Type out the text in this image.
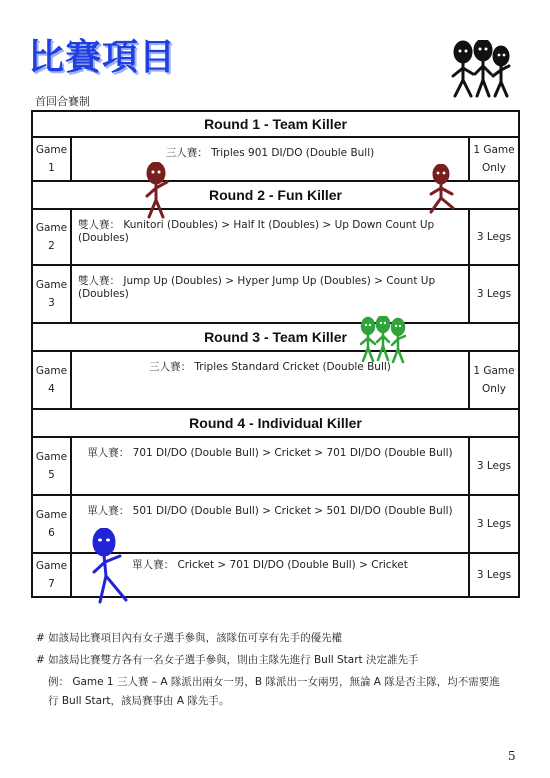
比賽項目
首回合賽制
Round 1 - Team Killer		
Game
1	三人賽： Triples 901 DI/DO (Double Bull)	1 Game
Only
Round 2 - Fun Killer		
Game
2	雙人賽： Kunitori (Doubles) > Half It (Doubles) > Up Down Count Up (Doubles)	3 Legs
Game
3	雙人賽： Jump Up (Doubles) > Hyper Jump Up (Doubles) > Count Up (Doubles)	3 Legs
Round 3 - Team Killer		
Game
4	三人賽： Triples Standard Cricket (Double Bull)	1 Game
Only
Round 4 - Individual Killer		
Game
5	單人賽： 701 DI/DO (Double Bull) > Cricket > 701 DI/DO (Double Bull)	3 Legs
Game
6	單人賽： 501 DI/DO (Double Bull) > Cricket > 501 DI/DO (Double Bull)	3 Legs
Game
7	單人賽： Cricket > 701 DI/DO (Double Bull) > Cricket	3 Legs
# 如該局比賽項目內有女子選手參與，該隊伍可享有先手的優先權
# 如該局比賽雙方各有一名女子選手參與，則由主隊先進行 Bull Start 決定誰先手
例： Game 1 三人賽 – A 隊派出兩女一男，B 隊派出一女兩男，無論 A 隊是否主隊，均不需要進
行 Bull Start，該局賽事由 A 隊先手。
5
